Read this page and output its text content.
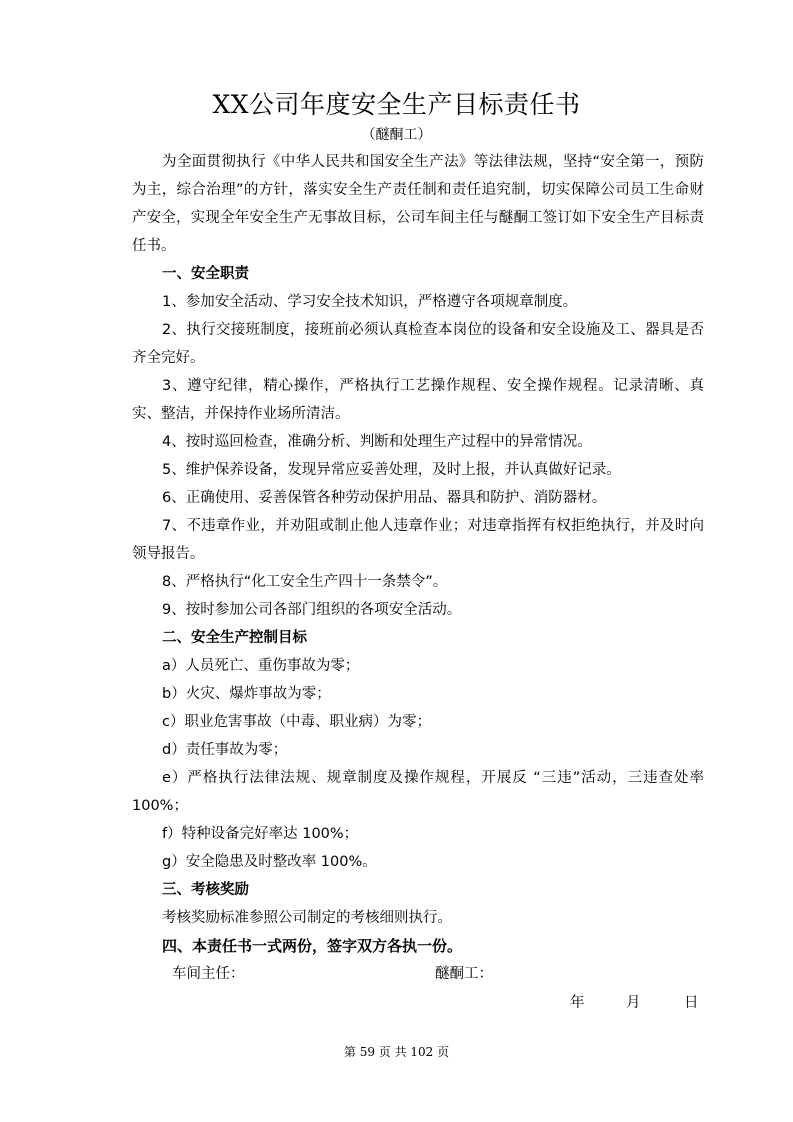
XX公司年度安全生产目标责任书
（醚酮工）

为全面贯彻执行《中华人民共和国安全生产法》等法律法规，坚持“安全第一，预防为主，综合治理”的方针，落实安全生产责任制和责任追究制，切实保障公司员工生命财产安全，实现全年安全生产无事故目标，公司车间主任与醚酮工签订如下安全生产目标责任书。

一、安全职责

1、参加安全活动、学习安全技术知识，严格遵守各项规章制度。

2、执行交接班制度，接班前必须认真检查本岗位的设备和安全设施及工、器具是否齐全完好。

3、遵守纪律，精心操作，严格执行工艺操作规程、安全操作规程。记录清晰、真实、整洁，并保持作业场所清洁。

4、按时巡回检查，准确分析、判断和处理生产过程中的异常情况。

5、维护保养设备，发现异常应妥善处理，及时上报，并认真做好记录。

6、正确使用、妥善保管各种劳动保护用品、器具和防护、消防器材。

7、不违章作业，并劝阻或制止他人违章作业；对违章指挥有权拒绝执行，并及时向领导报告。

8、严格执行“化工安全生产四十一条禁令”。

9、按时参加公司各部门组织的各项安全活动。

二、安全生产控制目标

a）人员死亡、重伤事故为零；

b）火灾、爆炸事故为零；

c）职业危害事故（中毒、职业病）为零；

d）责任事故为零；

e）严格执行法律法规、规章制度及操作规程，开展反 “三违”活动，三违查处率 100%；

f）特种设备完好率达 100%；

g）安全隐患及时整改率 100%。

三、考核奖励

考核奖励标准参照公司制定的考核细则执行。

四、本责任书一式两份，签字双方各执一份。

车间主任：	醚酮工：
年	月	日
第 59 页 共 102 页
